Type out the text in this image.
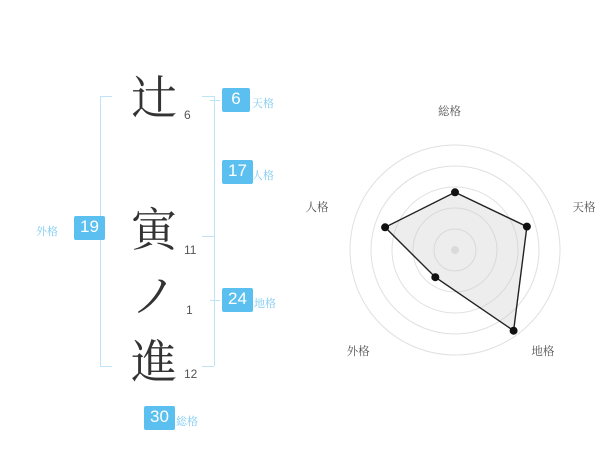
辻
寅
ノ
進
6
11
1
12
6	天格
17 人格
24 地格
19
外格
30 総格
総格
天格
地格
外格
人格
